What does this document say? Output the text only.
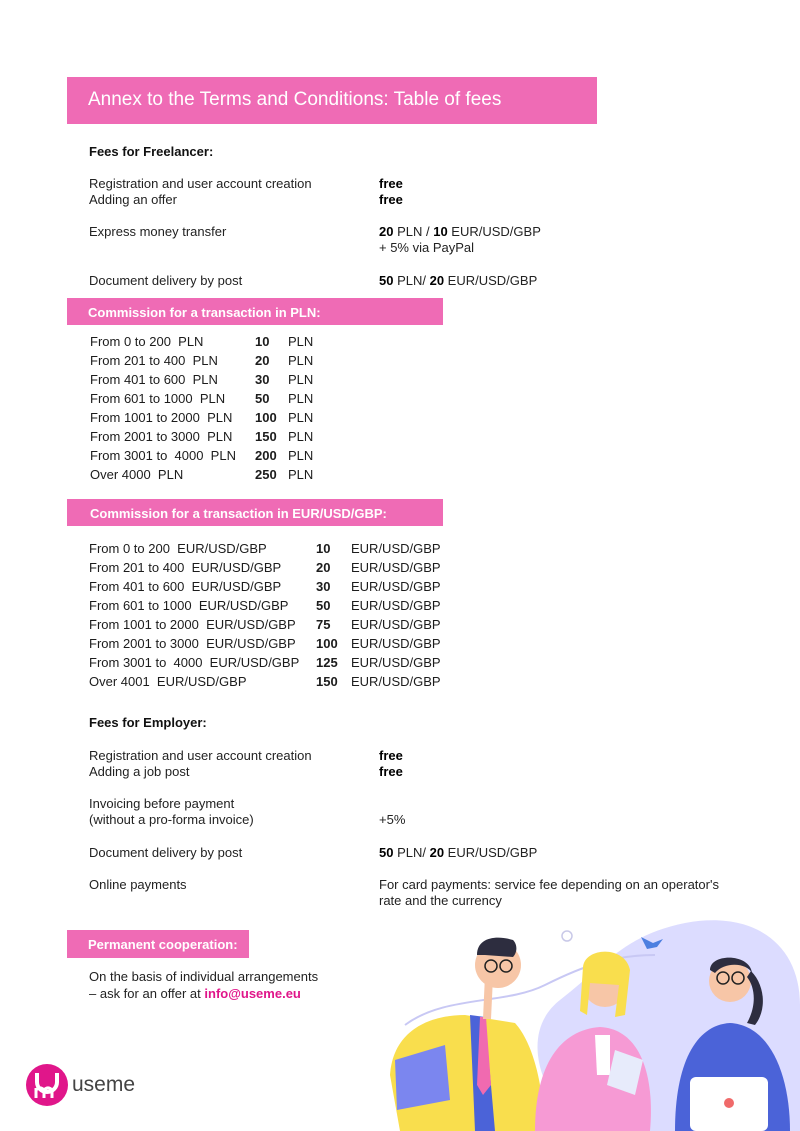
Annex to the Terms and Conditions: Table of fees
Fees for Freelancer:
Registration and user account creation	free
Adding an offer	free
Express money transfer	20 PLN / 10 EUR/USD/GBP
+ 5% via PayPal
Document delivery by post	50 PLN/ 20 EUR/USD/GBP
Commission for a transaction in PLN:
From 0 to 200  PLN	10	PLN
From 201 to 400  PLN	20	PLN
From 401 to 600  PLN	30	PLN
From 601 to 1000  PLN	50	PLN
From 1001 to 2000  PLN	100	PLN
From 2001 to 3000  PLN	150	PLN
From 3001 to  4000  PLN	200	PLN
Over 4000  PLN	250	PLN
Commission for a transaction in EUR/USD/GBP:
From 0 to 200  EUR/USD/GBP	10	EUR/USD/GBP
From 201 to 400  EUR/USD/GBP	20	EUR/USD/GBP
From 401 to 600  EUR/USD/GBP	30	EUR/USD/GBP
From 601 to 1000  EUR/USD/GBP	50	EUR/USD/GBP
From 1001 to 2000  EUR/USD/GBP	75	EUR/USD/GBP
From 2001 to 3000  EUR/USD/GBP	100	EUR/USD/GBP
From 3001 to  4000  EUR/USD/GBP	125	EUR/USD/GBP
Over 4001  EUR/USD/GBP	150	EUR/USD/GBP
Fees for Employer:
Registration and user account creation	free
Adding a job post	free
Invoicing before payment
(without a pro-forma invoice)	+5%
Document delivery by post	50 PLN/ 20 EUR/USD/GBP
Online payments	For card payments: service fee depending on an operator's
rate and the currency
Permanent cooperation:
On the basis of individual arrangements
– ask for an offer at info@useme.eu
useme
